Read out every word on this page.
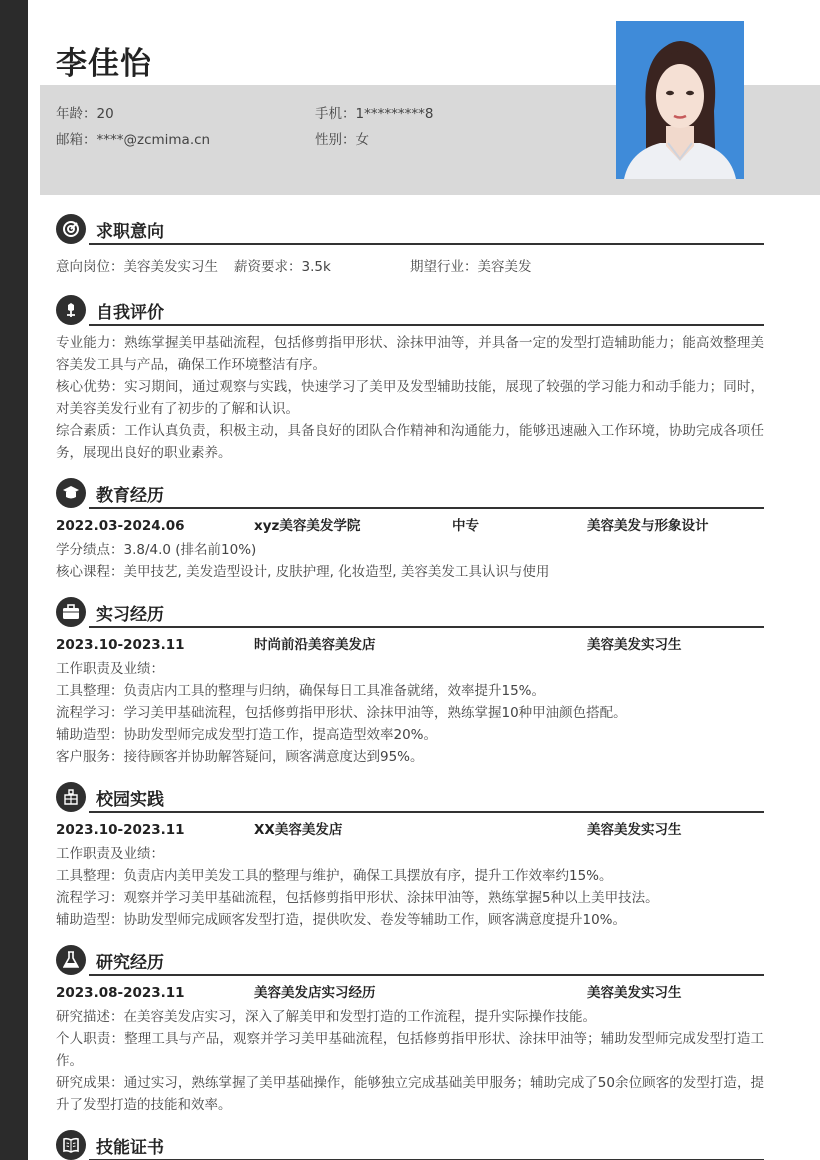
李佳怡
年龄：20	手机：1*********8
邮箱：****@zcmima.cn	性别：女
求职意向
意向岗位：美容美发实习生 薪资要求：3.5k	期望行业：美容美发
自我评价
专业能力：熟练掌握美甲基础流程，包括修剪指甲形状、涂抹甲油等，并具备一定的发型打造辅助能力；能高效整理美容美发工具与产品，确保工作环境整洁有序。
核心优势：实习期间，通过观察与实践，快速学习了美甲及发型辅助技能，展现了较强的学习能力和动手能力；同时，对美容美发行业有了初步的了解和认识。
综合素质：工作认真负责，积极主动，具备良好的团队合作精神和沟通能力，能够迅速融入工作环境，协助完成各项任务，展现出良好的职业素养。
教育经历
2022.03-2024.06	xyz美容美发学院	中专	美容美发与形象设计
学分绩点：3.8/4.0 (排名前10%)
核心课程：美甲技艺, 美发造型设计, 皮肤护理, 化妆造型, 美容美发工具认识与使用
实习经历
2023.10-2023.11	时尚前沿美容美发店	美容美发实习生
工作职责及业绩：
工具整理：负责店内工具的整理与归纳，确保每日工具准备就绪，效率提升15%。
流程学习：学习美甲基础流程，包括修剪指甲形状、涂抹甲油等，熟练掌握10种甲油颜色搭配。
辅助造型：协助发型师完成发型打造工作，提高造型效率20%。
客户服务：接待顾客并协助解答疑问，顾客满意度达到95%。
校园实践
2023.10-2023.11	XX美容美发店	美容美发实习生
工作职责及业绩：
工具整理：负责店内美甲美发工具的整理与维护，确保工具摆放有序，提升工作效率约15%。
流程学习：观察并学习美甲基础流程，包括修剪指甲形状、涂抹甲油等，熟练掌握5种以上美甲技法。
辅助造型：协助发型师完成顾客发型打造，提供吹发、卷发等辅助工作，顾客满意度提升10%。
研究经历
2023.08-2023.11	美容美发店实习经历	美容美发实习生
研究描述：在美容美发店实习，深入了解美甲和发型打造的工作流程，提升实际操作技能。
个人职责：整理工具与产品，观察并学习美甲基础流程，包括修剪指甲形状、涂抹甲油等；辅助发型师完成发型打造工作。
研究成果：通过实习，熟练掌握了美甲基础操作，能够独立完成基础美甲服务；辅助完成了50余位顾客的发型打造，提升了发型打造的技能和效率。
技能证书
